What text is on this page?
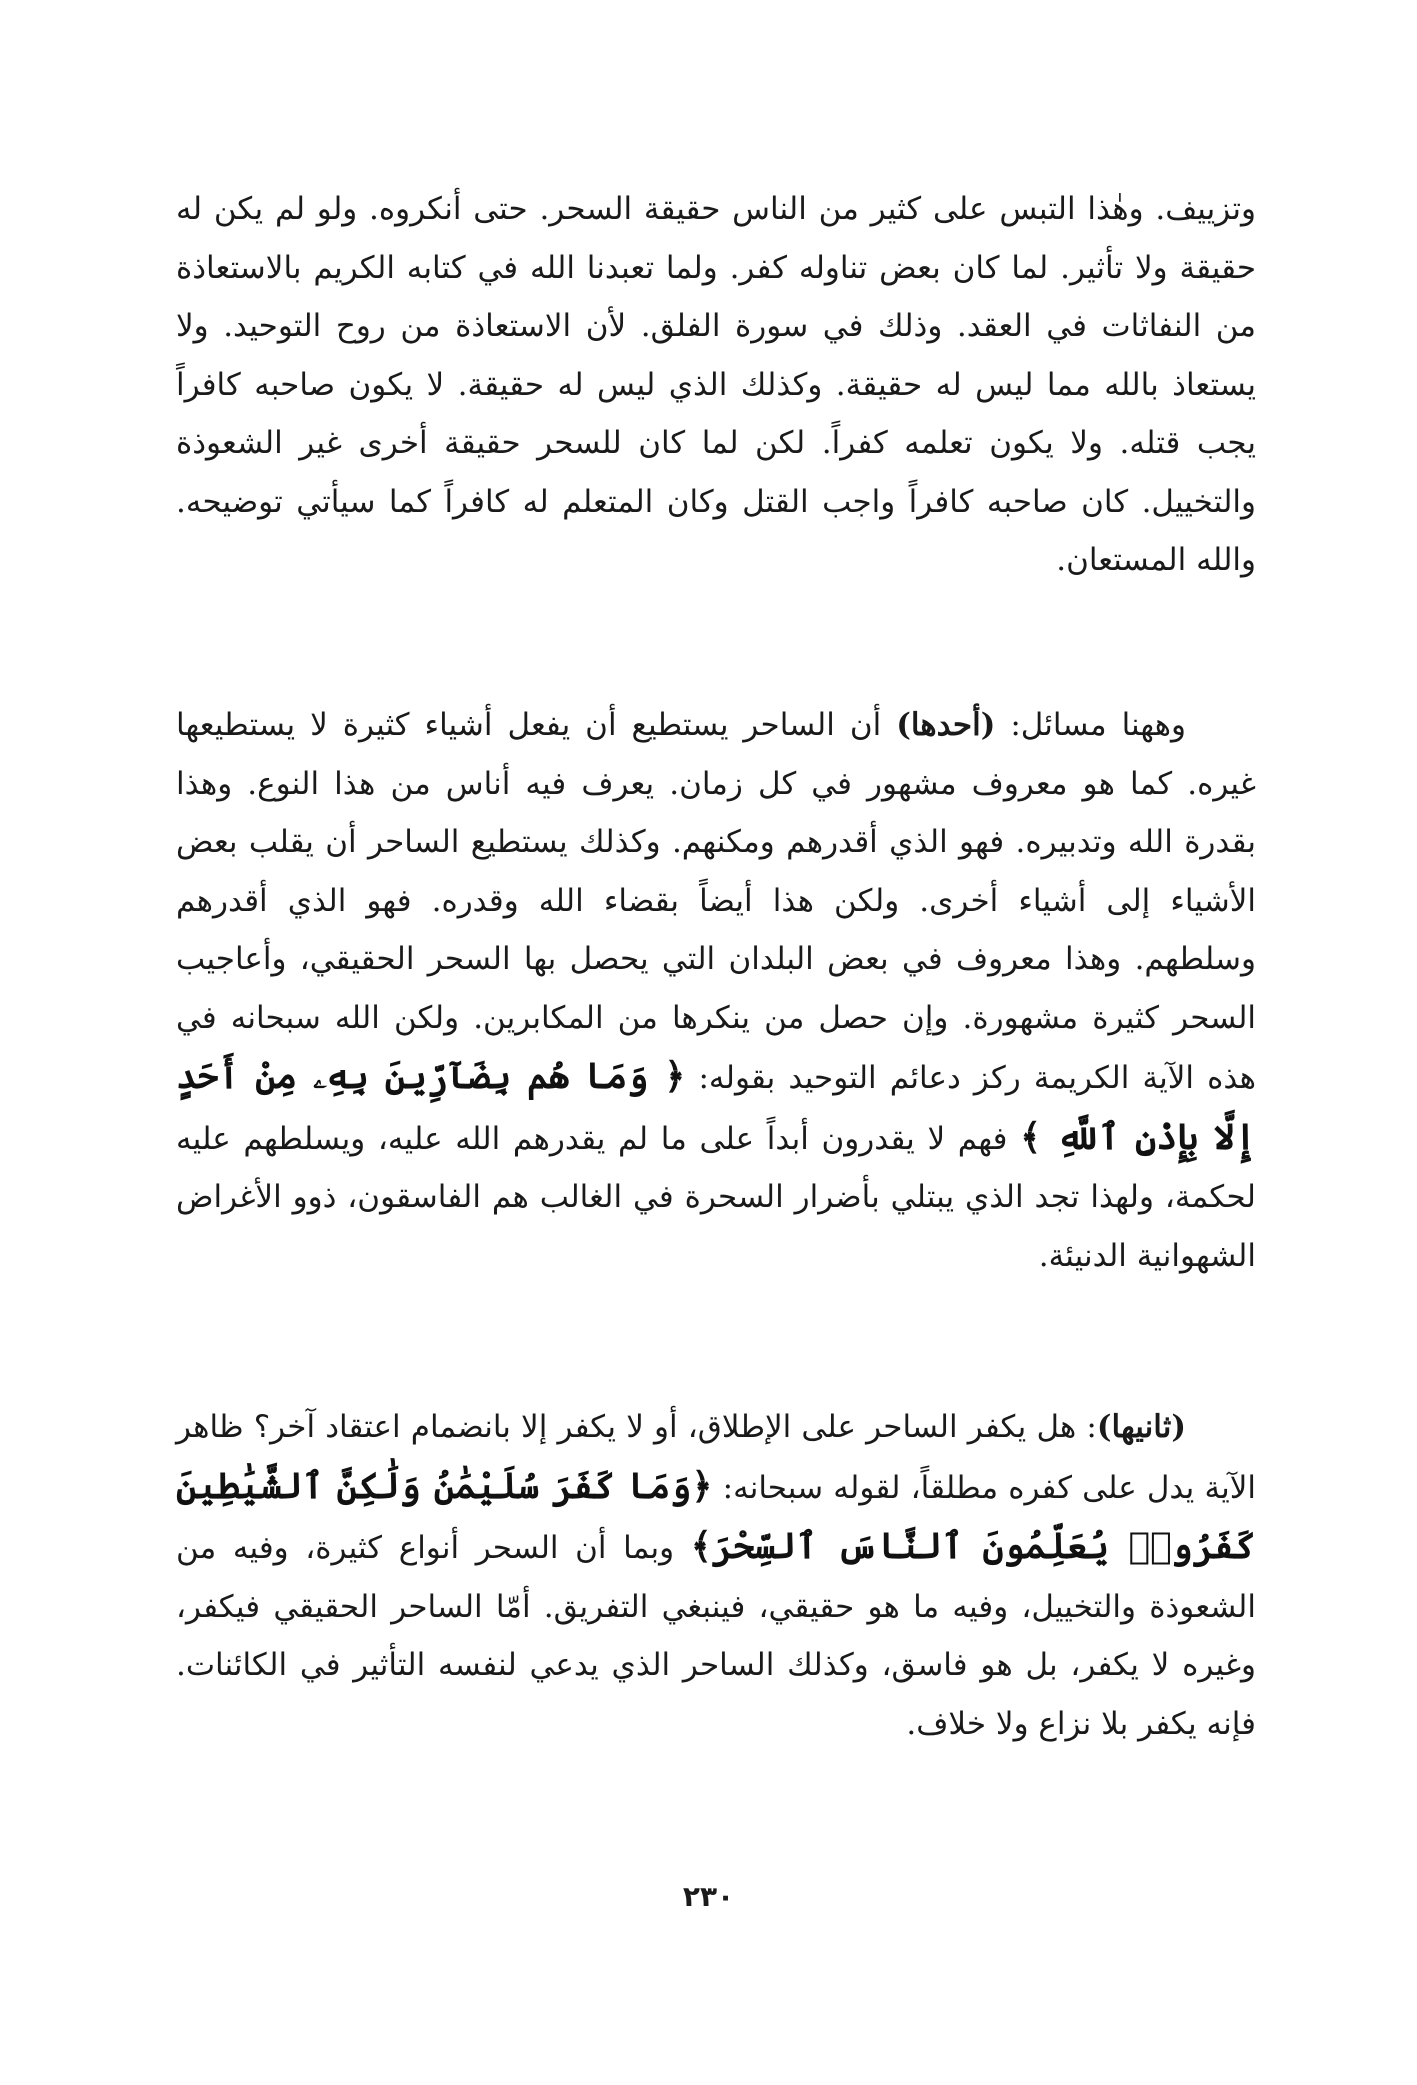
وتزييف. وهٰذا التبس على كثير من الناس حقيقة السحر. حتى أنكروه. ولو لم يكن له حقيقة ولا تأثير. لما كان بعض تناوله كفر. ولما تعبدنا الله في كتابه الكريم بالاستعاذة من النفاثات في العقد. وذلك في سورة الفلق. لأن الاستعاذة من روح التوحيد. ولا يستعاذ بالله مما ليس له حقيقة. وكذلك الذي ليس له حقيقة. لا يكون صاحبه كافراً يجب قتله. ولا يكون تعلمه كفراً. لكن لما كان للسحر حقيقة أخرى غير الشعوذة والتخييل. كان صاحبه كافراً واجب القتل وكان المتعلم له كافراً كما سيأتي توضيحه. والله المستعان.

وههنا مسائل: (أحدها) أن الساحر يستطيع أن يفعل أشياء كثيرة لا يستطيعها غيره. كما هو معروف مشهور في كل زمان. يعرف فيه أناس من هذا النوع. وهذا بقدرة الله وتدبيره. فهو الذي أقدرهم ومكنهم. وكذلك يستطيع الساحر أن يقلب بعض الأشياء إلى أشياء أخرى. ولكن هذا أيضاً بقضاء الله وقدره. فهو الذي أقدرهم وسلطهم. وهذا معروف في بعض البلدان التي يحصل بها السحر الحقيقي، وأعاجيب السحر كثيرة مشهورة. وإن حصل من ينكرها من المكابرين. ولكن الله سبحانه في هذه الآية الكريمة ركز دعائم التوحيد بقوله: ﴿ وَمَا هُم بِضَآرِّينَ بِهِۦ مِنْ أَحَدٍ إِلَّا بِإِذْنِ ٱللَّهِ ﴾ فهم لا يقدرون أبداً على ما لم يقدرهم الله عليه، ويسلطهم عليه لحكمة، ولهذا تجد الذي يبتلي بأضرار السحرة في الغالب هم الفاسقون، ذوو الأغراض الشهوانية الدنيئة.

(ثانيها): هل يكفر الساحر على الإطلاق، أو لا يكفر إلا بانضمام اعتقاد آخر؟ ظاهر الآية يدل على كفره مطلقاً، لقوله سبحانه: ﴿وَمَا كَفَرَ سُلَيْمَٰنُ وَلَٰكِنَّ ٱلشَّيَٰطِينَ كَفَرُوا۟ يُعَلِّمُونَ ٱلنَّاسَ ٱلسِّحْرَ﴾ وبما أن السحر أنواع كثيرة، وفيه من الشعوذة والتخييل، وفيه ما هو حقيقي، فينبغي التفريق. أمّا الساحر الحقيقي فيكفر، وغيره لا يكفر، بل هو فاسق، وكذلك الساحر الذي يدعي لنفسه التأثير في الكائنات. فإنه يكفر بلا نزاع ولا خلاف.

٢٣٠
